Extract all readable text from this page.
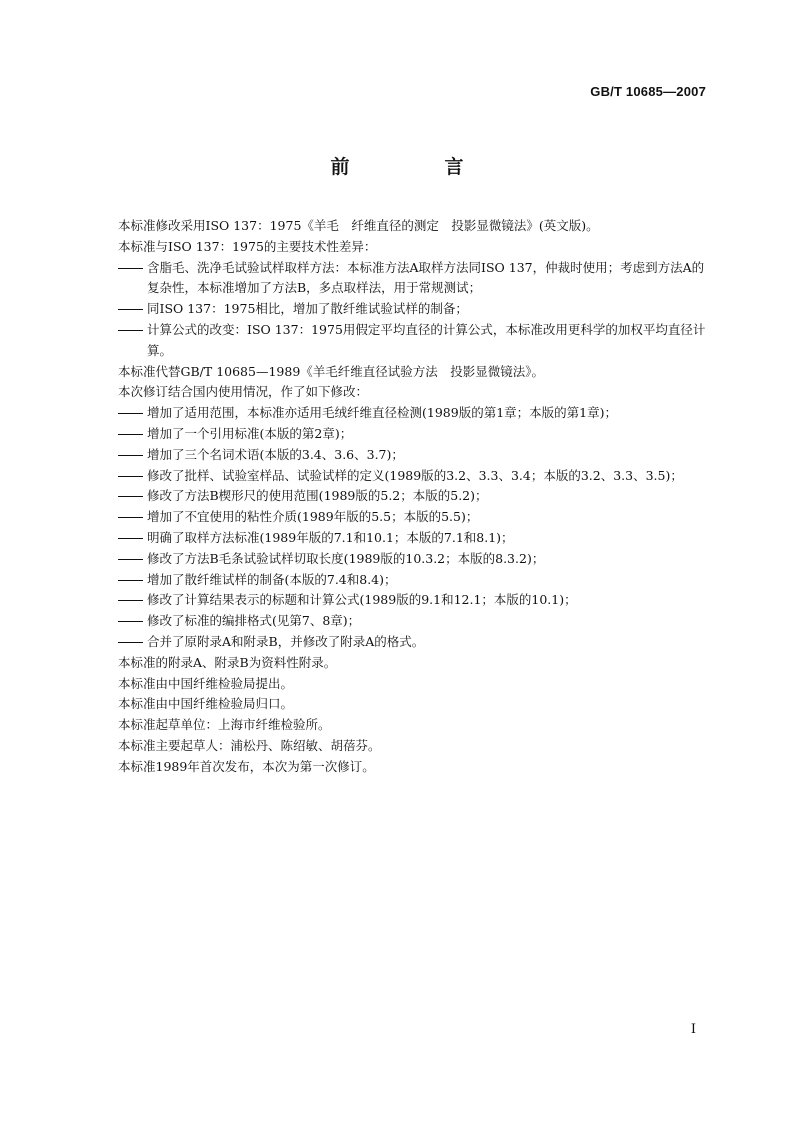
GB/T 10685—2007
前　言

本标准修改采用ISO 137：1975《羊毛　纤维直径的测定　投影显微镜法》(英文版)。

本标准与ISO 137：1975的主要技术性差异：

含脂毛、洗净毛试验试样取样方法：本标准方法A取样方法同ISO 137，仲裁时使用；考虑到方法A的复杂性，本标准增加了方法B，多点取样法，用于常规测试；

同ISO 137：1975相比，增加了散纤维试验试样的制备；

计算公式的改变：ISO 137：1975用假定平均直径的计算公式，本标准改用更科学的加权平均直径计算。

本标准代替GB/T 10685—1989《羊毛纤维直径试验方法　投影显微镜法》。

本次修订结合国内使用情况，作了如下修改：

增加了适用范围，本标准亦适用毛绒纤维直径检测(1989版的第1章；本版的第1章)；

增加了一个引用标准(本版的第2章)；

增加了三个名词术语(本版的3.4、3.6、3.7)；

修改了批样、试验室样品、试验试样的定义(1989版的3.2、3.3、3.4；本版的3.2、3.3、3.5)；

修改了方法B楔形尺的使用范围(1989版的5.2；本版的5.2)；

增加了不宜使用的粘性介质(1989年版的5.5；本版的5.5)；

明确了取样方法标准(1989年版的7.1和10.1；本版的7.1和8.1)；

修改了方法B毛条试验试样切取长度(1989版的10.3.2；本版的8.3.2)；

增加了散纤维试样的制备(本版的7.4和8.4)；

修改了计算结果表示的标题和计算公式(1989版的9.1和12.1；本版的10.1)；

修改了标准的编排格式(见第7、8章)；

合并了原附录A和附录B，并修改了附录A的格式。

本标准的附录A、附录B为资料性附录。

本标准由中国纤维检验局提出。

本标准由中国纤维检验局归口。

本标准起草单位：上海市纤维检验所。

本标准主要起草人：浦松丹、陈绍敏、胡蓓芬。

本标准1989年首次发布，本次为第一次修订。

I
